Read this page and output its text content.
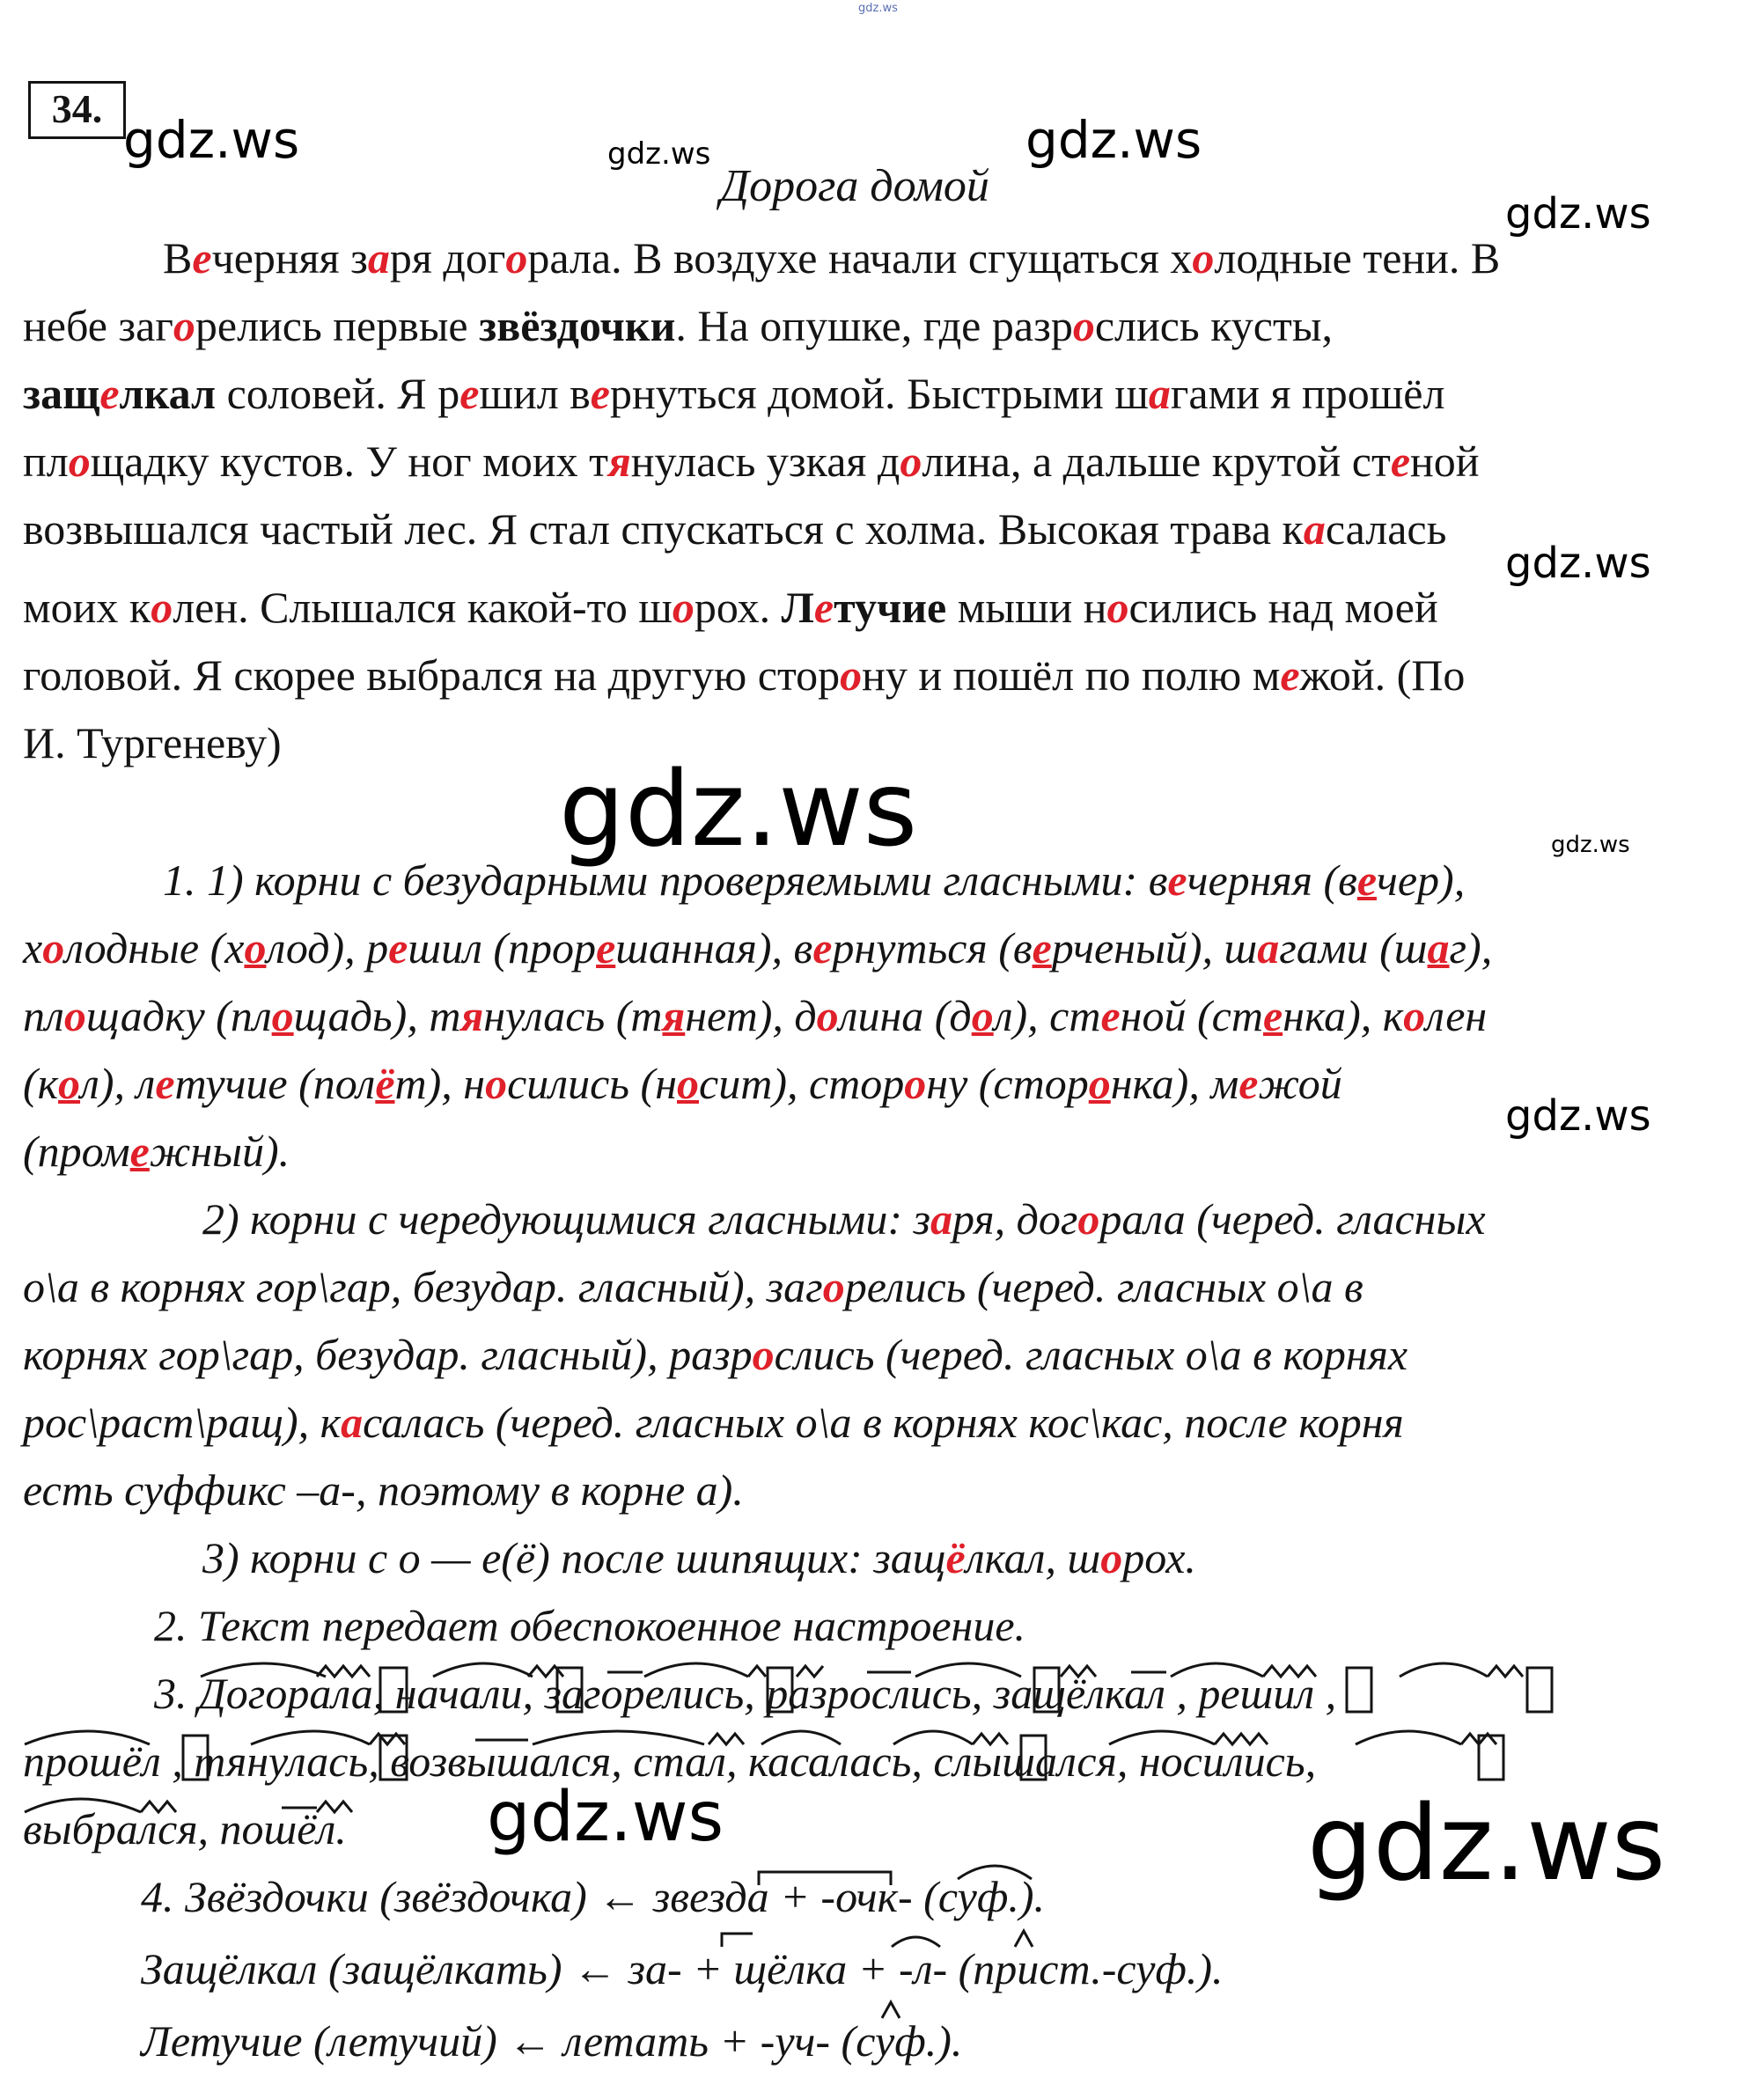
gdz.ws
34.
gdz.ws	gdz.ws	gdz.ws
gdz.ws
gdz.ws
gdz.ws	gdz.ws
gdz.ws
gdz.ws	gdz.ws
Дорога домой
Вечерняя заря догорала. В воздухе начали сгущаться холодные тени. В
небе загорелись первые звёздочки. На опушке, где разрослись кусты,
защелкал соловей. Я решил вернуться домой. Быстрыми шагами я прошёл
площадку кустов. У ног моих тянулась узкая долина, а дальше крутой стеной
возвышался частый лес. Я стал спускаться с холма. Высокая трава касалась
моих колен. Слышался какой-то шорох. Летучие мыши носились над моей
головой. Я скорее выбрался на другую сторону и пошёл по полю межой. (По
И. Тургеневу)
1. 1) корни с безударными проверяемыми гласными: вечерняя (вечер),
холодные (холод), решил (прорешанная), вернуться (верченый), шагами (шаг),
площадку (площадь), тянулась (тянет), долина (дол), стеной (стенка), колен
(кол), летучие (полёт), носились (носит), сторону (сторонка), межой
(промежный).
2) корни с чередующимися гласными: заря, догорала (черед. гласных
о\а в корнях гор\гар, безудар. гласный), загорелись (черед. гласных о\а в
корнях гор\гар, безудар. гласный), разрослись (черед. гласных о\а в корнях
рос\раст\ращ), касалась (черед. гласных о\а в корнях кос\кас, после корня
есть суффикс –а-, поэтому в корне а).
3) корни с о — е(ё) после шипящих: защёлкал, шорох.
2. Текст передает обеспокоенное настроение.
3. Догорала, начали, загорелись, разрослись, защёлкал , решил ,
прошёл , тянулась, возвышался, стал, касалась, слышался, носились,
выбрался, пошёл.
4. Звёздочки (звёздочка) ← звезда + -очк- (суф.).
Защёлкал (защёлкать) ← за- + щёлка + -л- (прист.-суф.).
Летучие (летучий) ← летать + -уч- (суф.).
